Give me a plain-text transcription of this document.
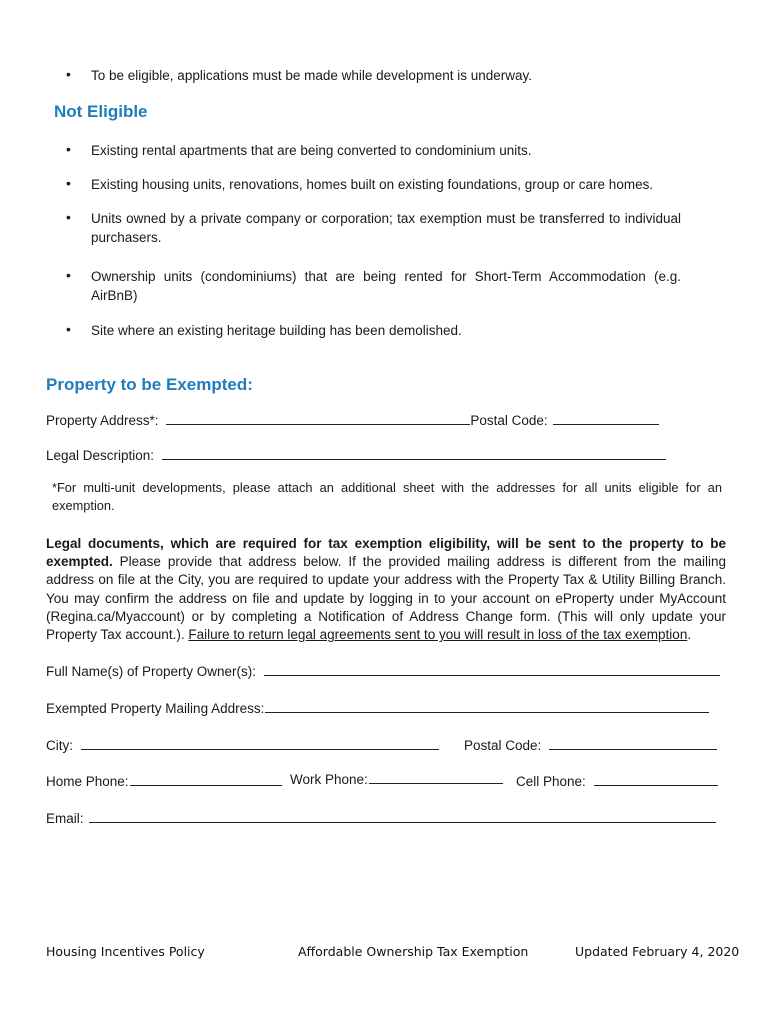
• To be eligible, applications must be made while development is underway.
Not Eligible
• Existing rental apartments that are being converted to condominium units.
• Existing housing units, renovations, homes built on existing foundations, group or care homes.
• Units owned by a private company or corporation; tax exemption must be transferred to individual purchasers.
• Ownership units (condominiums) that are being rented for Short-Term Accommodation (e.g. AirBnB)
• Site where an existing heritage building has been demolished.
Property to be Exempted:
Property Address*:	Postal Code:
Legal Description:
*For multi-unit developments, please attach an additional sheet with the addresses for all units eligible for an exemption.
Legal documents, which are required for tax exemption eligibility, will be sent to the property to be exempted. Please provide that address below. If the provided mailing address is different from the mailing address on file at the City, you are required to update your address with the Property Tax & Utility Billing Branch. You may confirm the address on file and update by logging in to your account on eProperty under MyAccount (Regina.ca/Myaccount) or by completing a Notification of Address Change form. (This will only update your Property Tax account.). Failure to return legal agreements sent to you will result in loss of the tax exemption.
Full Name(s) of Property Owner(s):
Exempted Property Mailing Address:
City:	Postal Code:
Home Phone:	Work Phone:	Cell Phone:
Email:
Housing Incentives Policy	Affordable Ownership Tax Exemption	Updated February 4, 2020
